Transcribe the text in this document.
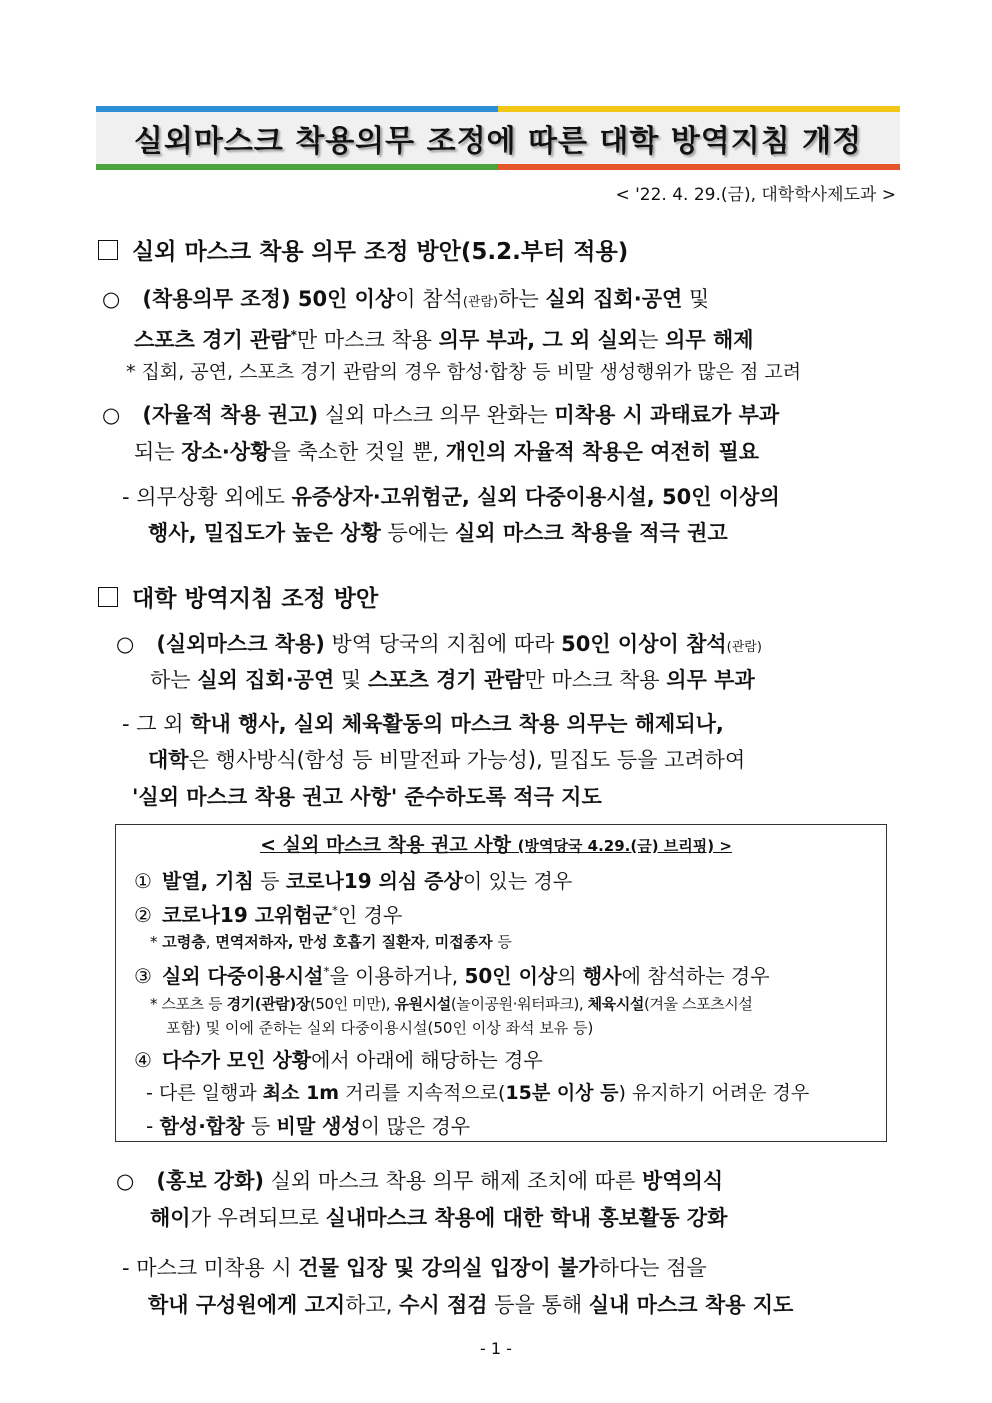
실외마스크 착용의무 조정에 따른 대학 방역지침 개정
< '22. 4. 29.(금), 대학학사제도과 >
실외 마스크 착용 의무 조정 방안(5.2.부터 적용)
○ (착용의무 조정) 50인 이상이 참석(관람)하는 실외 집회·공연 및
스포츠 경기 관람*만 마스크 착용 의무 부과, 그 외 실외는 의무 해제
* 집회, 공연, 스포츠 경기 관람의 경우 함성·합창 등 비말 생성행위가 많은 점 고려
○ (자율적 착용 권고) 실외 마스크 의무 완화는 미착용 시 과태료가 부과
되는 장소·상황을 축소한 것일 뿐, 개인의 자율적 착용은 여전히 필요
- 의무상황 외에도 유증상자·고위험군, 실외 다중이용시설, 50인 이상의
행사, 밀집도가 높은 상황 등에는 실외 마스크 착용을 적극 권고
대학 방역지침 조정 방안
○ (실외마스크 착용) 방역 당국의 지침에 따라 50인 이상이 참석(관람)
하는 실외 집회·공연 및 스포츠 경기 관람만 마스크 착용 의무 부과
- 그 외 학내 행사, 실외 체육활동의 마스크 착용 의무는 해제되나,
대학은 행사방식(함성 등 비말전파 가능성), 밀집도 등을 고려하여
'실외 마스크 착용 권고 사항' 준수하도록 적극 지도
< 실외 마스크 착용 권고 사항 (방역당국 4.29.(금) 브리핑) >
① 발열, 기침 등 코로나19 의심 증상이 있는 경우
② 코로나19 고위험군*인 경우
* 고령층, 면역저하자, 만성 호흡기 질환자, 미접종자 등
③ 실외 다중이용시설*을 이용하거나, 50인 이상의 행사에 참석하는 경우
* 스포츠 등 경기(관람)장(50인 미만), 유원시설(놀이공원·워터파크), 체육시설(겨울 스포츠시설
포함) 및 이에 준하는 실외 다중이용시설(50인 이상 좌석 보유 등)
④ 다수가 모인 상황에서 아래에 해당하는 경우
- 다른 일행과 최소 1m 거리를 지속적으로(15분 이상 등) 유지하기 어려운 경우
- 함성·합창 등 비말 생성이 많은 경우
○ (홍보 강화) 실외 마스크 착용 의무 해제 조치에 따른 방역의식
해이가 우려되므로 실내마스크 착용에 대한 학내 홍보활동 강화
- 마스크 미착용 시 건물 입장 및 강의실 입장이 불가하다는 점을
학내 구성원에게 고지하고, 수시 점검 등을 통해 실내 마스크 착용 지도
- 1 -
